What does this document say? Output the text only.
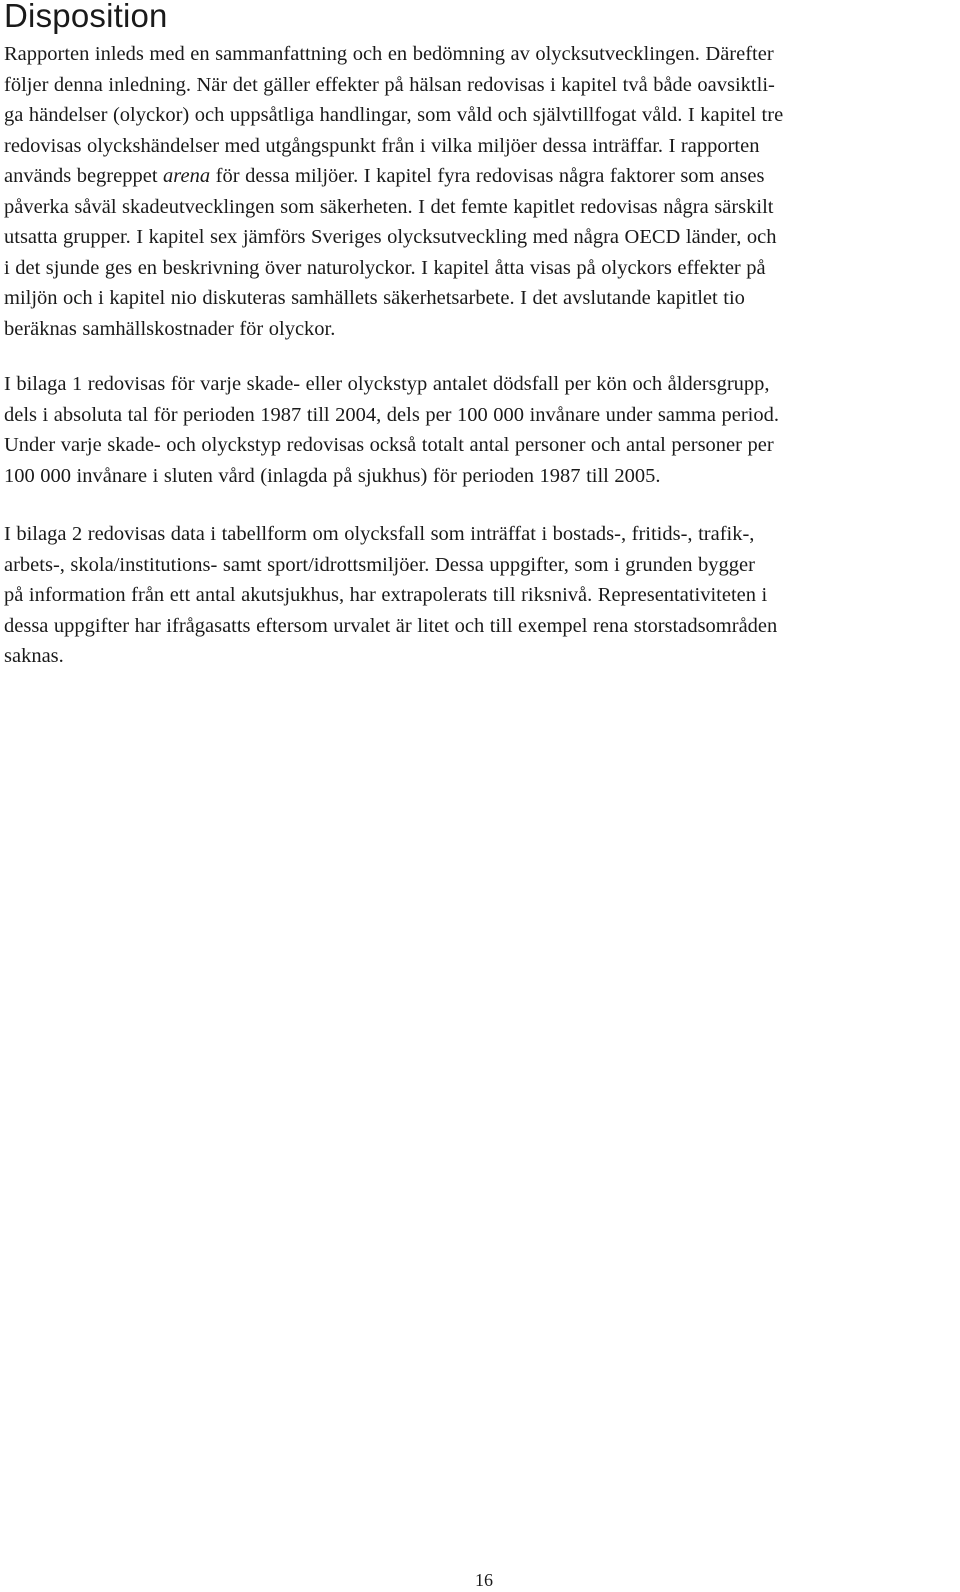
Disposition

Rapporten inleds med en sammanfattning och en bedömning av olycksutvecklingen. Därefter
följer denna inledning. När det gäller effekter på hälsan redovisas i kapitel två både oavsiktli-
ga händelser (olyckor) och uppsåtliga handlingar, som våld och självtillfogat våld. I kapitel tre
redovisas olyckshändelser med utgångspunkt från i vilka miljöer dessa inträffar. I rapporten
används begreppet arena för dessa miljöer. I kapitel fyra redovisas några faktorer som anses
påverka såväl skadeutvecklingen som säkerheten. I det femte kapitlet redovisas några särskilt
utsatta grupper. I kapitel sex jämförs Sveriges olycksutveckling med några OECD länder, och
i det sjunde ges en beskrivning över naturolyckor. I kapitel åtta visas på olyckors effekter på
miljön och i kapitel nio diskuteras samhällets säkerhetsarbete. I det avslutande kapitlet tio
beräknas samhällskostnader för olyckor.

I bilaga 1 redovisas för varje skade- eller olyckstyp antalet dödsfall per kön och åldersgrupp,
dels i absoluta tal för perioden 1987 till 2004, dels per 100 000 invånare under samma period.
Under varje skade- och olyckstyp redovisas också totalt antal personer och antal personer per
100 000 invånare i sluten vård (inlagda på sjukhus) för perioden 1987 till 2005.

I bilaga 2 redovisas data i tabellform om olycksfall som inträffat i bostads-, fritids-, trafik-,
arbets-, skola/institutions- samt sport/idrottsmiljöer. Dessa uppgifter, som i grunden bygger
på information från ett antal akutsjukhus, har extrapolerats till riksnivå. Representativiteten i
dessa uppgifter har ifrågasatts eftersom urvalet är litet och till exempel rena storstadsområden
saknas.

16
